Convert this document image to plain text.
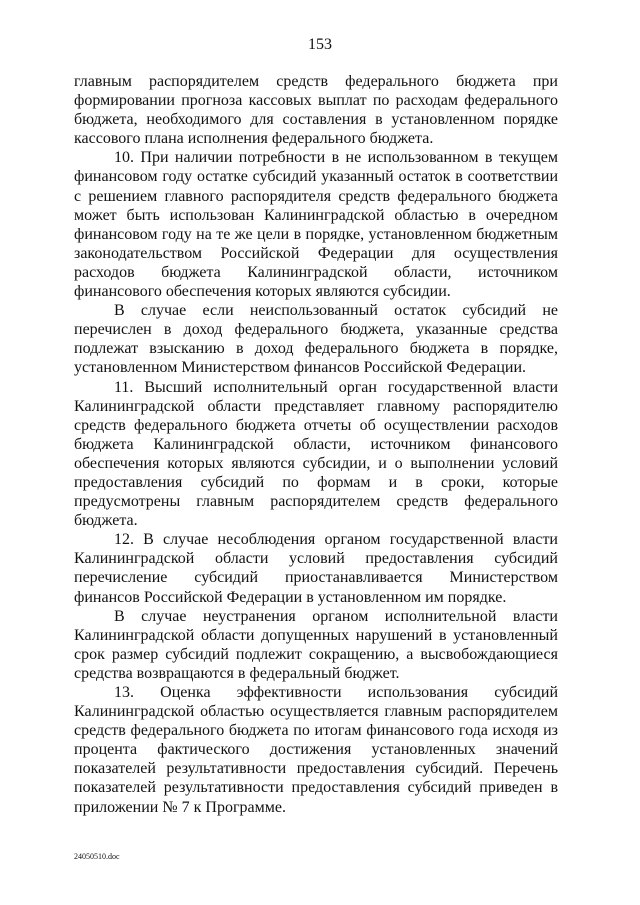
153

главным распорядителем средств федерального бюджета при формировании прогноза кассовых выплат по расходам федерального бюджета, необходимого для составления в установленном порядке кассового плана исполнения федерального бюджета.

10. При наличии потребности в не использованном в текущем финансовом году остатке субсидий указанный остаток в соответствии с решением главного распорядителя средств федерального бюджета может быть использован Калининградской областью в очередном финансовом году на те же цели в порядке, установленном бюджетным законодательством Российской Федерации для осуществления расходов бюджета Калининградской области, источником финансового обеспечения которых являются субсидии.

В случае если неиспользованный остаток субсидий не перечислен в доход федерального бюджета, указанные средства подлежат взысканию в доход федерального бюджета в порядке, установленном Министерством финансов Российской Федерации.

11. Высший исполнительный орган государственной власти Калининградской области представляет главному распорядителю средств федерального бюджета отчеты об осуществлении расходов бюджета Калининградской области, источником финансового обеспечения которых являются субсидии, и о выполнении условий предоставления субсидий по формам и в сроки, которые предусмотрены главным распорядителем средств федерального бюджета.

12. В случае несоблюдения органом государственной власти Калининградской области условий предоставления субсидий перечисление субсидий приостанавливается Министерством финансов Российской Федерации в установленном им порядке.

В случае неустранения органом исполнительной власти Калининградской области допущенных нарушений в установленный срок размер субсидий подлежит сокращению, а высвобождающиеся средства возвращаются в федеральный бюджет.

13. Оценка эффективности использования субсидий Калининградской областью осуществляется главным распорядителем средств федерального бюджета по итогам финансового года исходя из процента фактического достижения установленных значений показателей результативности предоставления субсидий. Перечень показателей результативности предоставления субсидий приведен в приложении № 7 к Программе.

24050510.doc
